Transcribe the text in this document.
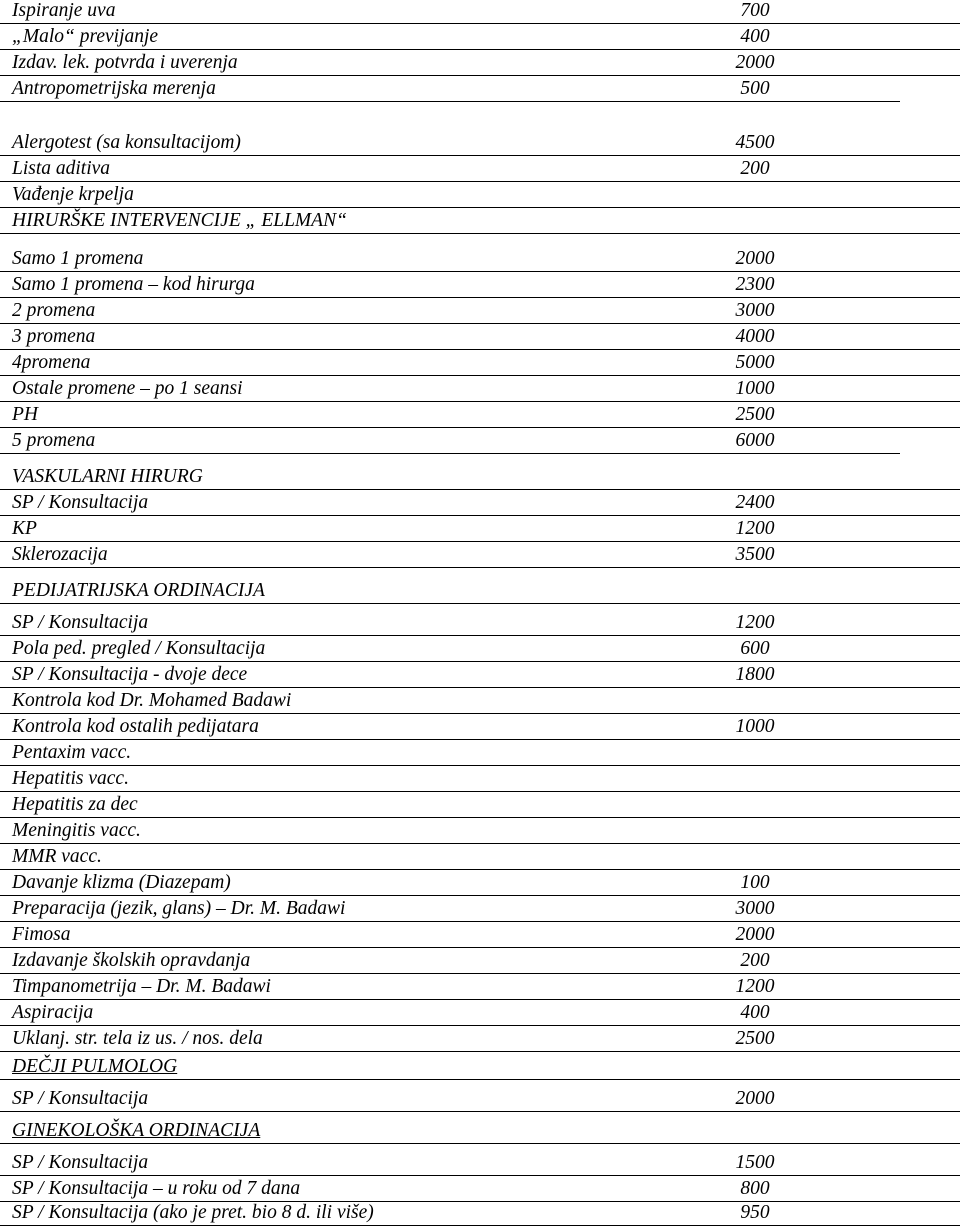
Ispiranje uva	700
„Malo“ previjanje	400
Izdav. lek. potvrda i uverenja	2000
Antropometrijska merenja	500
Alergotest (sa konsultacijom)	4500
Lista aditiva	200
Vađenje krpelja
HIRURŠKE INTERVENCIJE „ ELLMAN“
Samo 1 promena	2000
Samo 1 promena – kod hirurga	2300
2 promena	3000
3 promena	4000
4promena	5000
Ostale promene – po 1 seansi	1000
PH	2500
5 promena	6000
VASKULARNI HIRURG
SP / Konsultacija	2400
KP	1200
Sklerozacija	3500
PEDIJATRIJSKA ORDINACIJA
SP / Konsultacija	1200
Pola ped. pregled / Konsultacija	600
SP / Konsultacija - dvoje dece	1800
Kontrola kod Dr. Mohamed Badawi
Kontrola kod ostalih pedijatara	1000
Pentaxim vacc.
Hepatitis vacc.
Hepatitis za dec
Meningitis vacc.
MMR vacc.
Davanje klizma (Diazepam)	100
Preparacija (jezik, glans) – Dr. M. Badawi	3000
Fimosa	2000
Izdavanje školskih opravdanja	200
Timpanometrija – Dr. M. Badawi	1200
Aspiracija	400
Uklanj. str. tela iz us. / nos. dela	2500
DEČJI PULMOLOG
SP / Konsultacija	2000
GINEKOLOŠKA ORDINACIJA
SP / Konsultacija	1500
SP / Konsultacija – u roku od 7 dana	800
SP / Konsultacija (ako je pret. bio 8 d. ili više)	950
